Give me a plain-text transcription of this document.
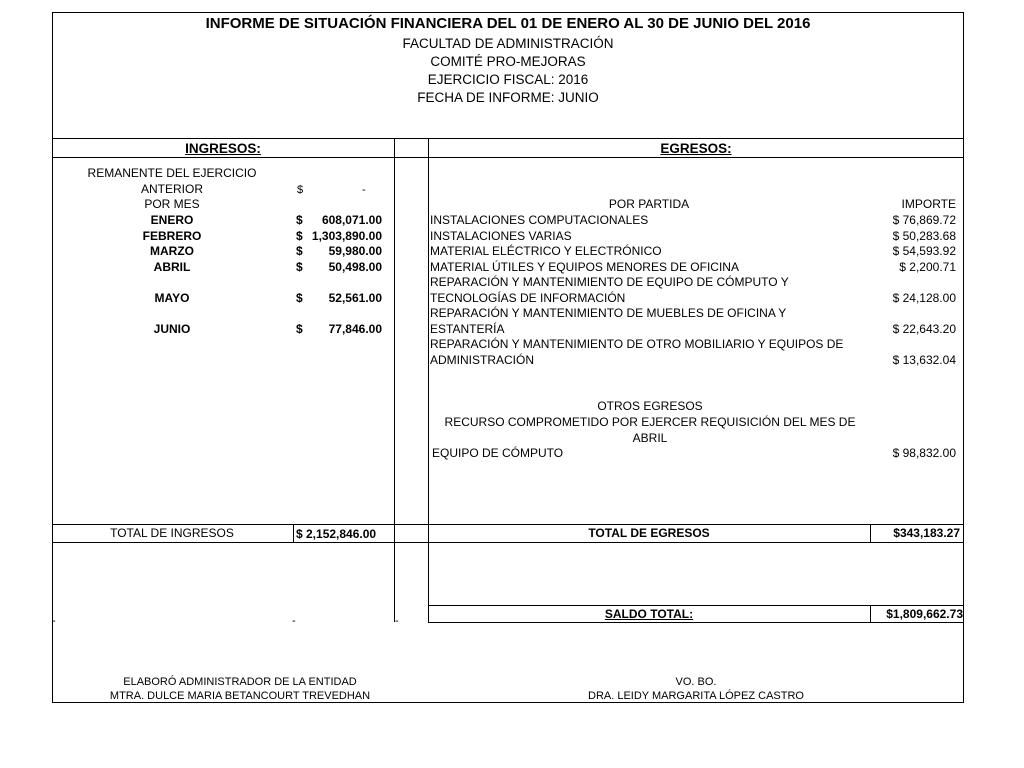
INFORME DE SITUACIÓN FINANCIERA DEL 01 DE ENERO AL 30 DE JUNIO DEL 2016
FACULTAD DE ADMINISTRACIÓN
COMITÉ PRO-MEJORAS
EJERCICIO FISCAL: 2016
FECHA DE INFORME: JUNIO
INGRESOS:	EGRESOS:
REMANENTE DEL EJERCICIO
ANTERIOR	$	-
POR MES
ENERO	$	608,071.00
FEBRERO	$ 1,303,890.00
MARZO	$	59,980.00
ABRIL	$	50,498.00
MAYO	$	52,561.00
JUNIO	$	77,846.00
POR PARTIDA	IMPORTE
INSTALACIONES COMPUTACIONALES	$ 76,869.72
INSTALACIONES VARIAS	$ 50,283.68
MATERIAL ELÉCTRICO Y ELECTRÓNICO	$ 54,593.92
MATERIAL ÚTILES Y EQUIPOS MENORES DE OFICINA	$ 2,200.71
REPARACIÓN Y MANTENIMIENTO DE EQUIPO DE CÓMPUTO Y
TECNOLOGÍAS DE INFORMACIÓN	$ 24,128.00
REPARACIÓN Y MANTENIMIENTO DE MUEBLES DE OFICINA Y
ESTANTERÍA	$ 22,643.20
REPARACIÓN Y MANTENIMIENTO DE OTRO MOBILIARIO Y EQUIPOS DE
ADMINISTRACIÓN	$ 13,632.04
OTROS EGRESOS
RECURSO COMPROMETIDO POR EJERCER REQUISICIÓN DEL MES DE
ABRIL
EQUIPO DE CÓMPUTO	$ 98,832.00
TOTAL DE INGRESOS	$ 2,152,846.00	TOTAL DE EGRESOS	$343,183.27
-	-	-	SALDO TOTAL:	$1,809,662.73
ELABORÓ ADMINISTRADOR DE LA ENTIDAD
MTRA. DULCE MARIA BETANCOURT TREVEDHAN
VO. BO.
DRA. LEIDY MARGARITA LÓPEZ CASTRO
